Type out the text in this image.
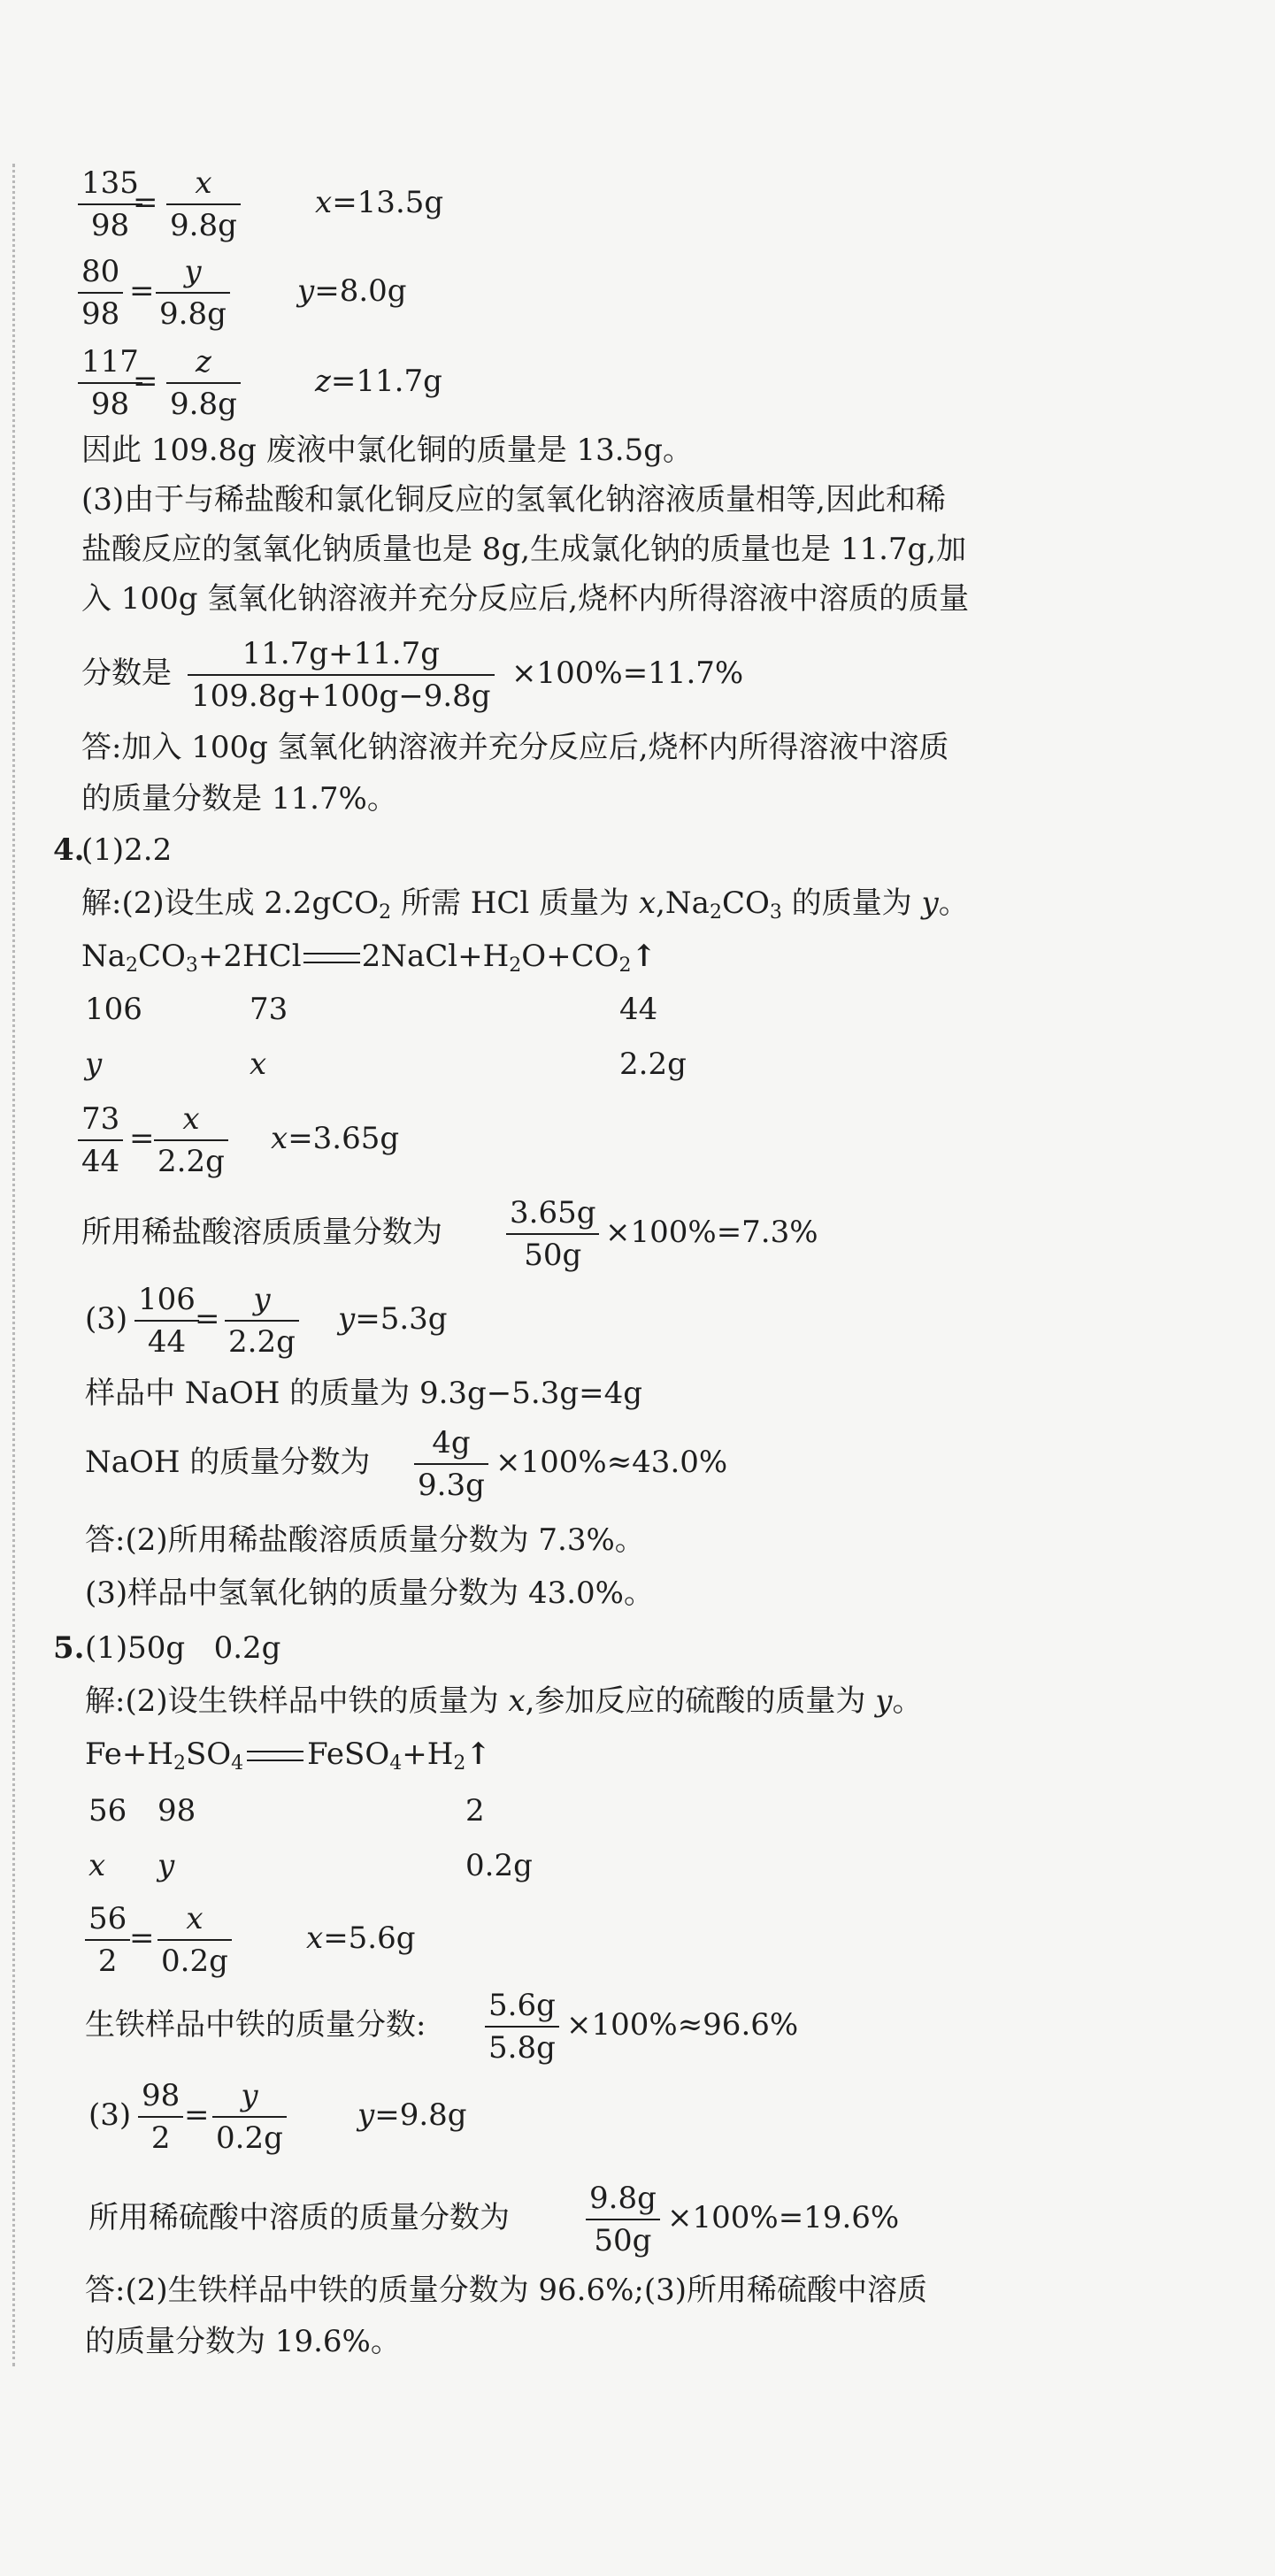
$\frac{135}{98}$
= $\frac{x}{9.8g} x=13.5g$
$\frac{80}{98} = \frac{y}{9.8g} y=8.0g$
$\frac{117}{98}$
= $\frac{z}{9.8g} z=11.7g$
因此 109.8g 废液中氯化铜的质量是 13.5g。
(3)由于与稀盐酸和氯化铜反应的氢氧化钠溶液质量相等,因此和稀
盐酸反应的氢氧化钠质量也是 8g,生成氯化钠的质量也是 11.7g,加
入 100g 氢氧化钠溶液并充分反应后,烧杯内所得溶液中溶质的质量
分数是 $\frac{11.7g+11.7g}{109.8g+100g-9.8g} \times 100\%=11.7\%$
答:加入 100g 氢氧化钠溶液并充分反应后,烧杯内所得溶液中溶质
的质量分数是 11.7%。
4.
(1)2.2
解:(2)设生成 2.2gCO$_2$ 所需 HCl 质量为 $x,Na_2CO_3$ 的质量为 y。
$Na_2CO_3+2HCl$ $2NaCl+H_2O+CO_2↑$
106	73	44
y	x	2.2g
$\frac{73}{44} = \frac{x}{2.2g} x=3.65g$
所用稀盐酸溶质质量分数为 $\frac{3.65g}{50g} \times 100\%=7.3\%$
$(3) \frac{106}{44}$
= $\frac{y}{2.2g} y=5.3g$
样品中 NaOH 的质量为 9.3g−5.3g=4g
NaOH 的质量分数为 $\frac{4g}{9.3g} \times 100\%\approx 43.0\%$
答:(2)所用稀盐酸溶质质量分数为 7.3%。
(3)样品中氢氧化钠的质量分数为 43.0%。
5. (1)50g   0.2g
解:(2)设生铁样品中铁的质量为 x,参加反应的硫酸的质量为 y。
$Fe+H_2SO_4$ $FeSO_4+H_2↑$
56 98	2
x y	0.2g
$\frac{56}{2}$
= $\frac{x}{0.2g} x=5.6g$
生铁样品中铁的质量分数: $\frac{5.6g}{5.8g} \times 100\%\approx 96.6\%$
$(3) \frac{98}{2} = \frac{y}{0.2g} y=9.8g$
所用稀硫酸中溶质的质量分数为	$\frac{9.8g}{50g} \times 100\%=19.6\%$
答:(2)生铁样品中铁的质量分数为 96.6%;(3)所用稀硫酸中溶质
的质量分数为 19.6%。
